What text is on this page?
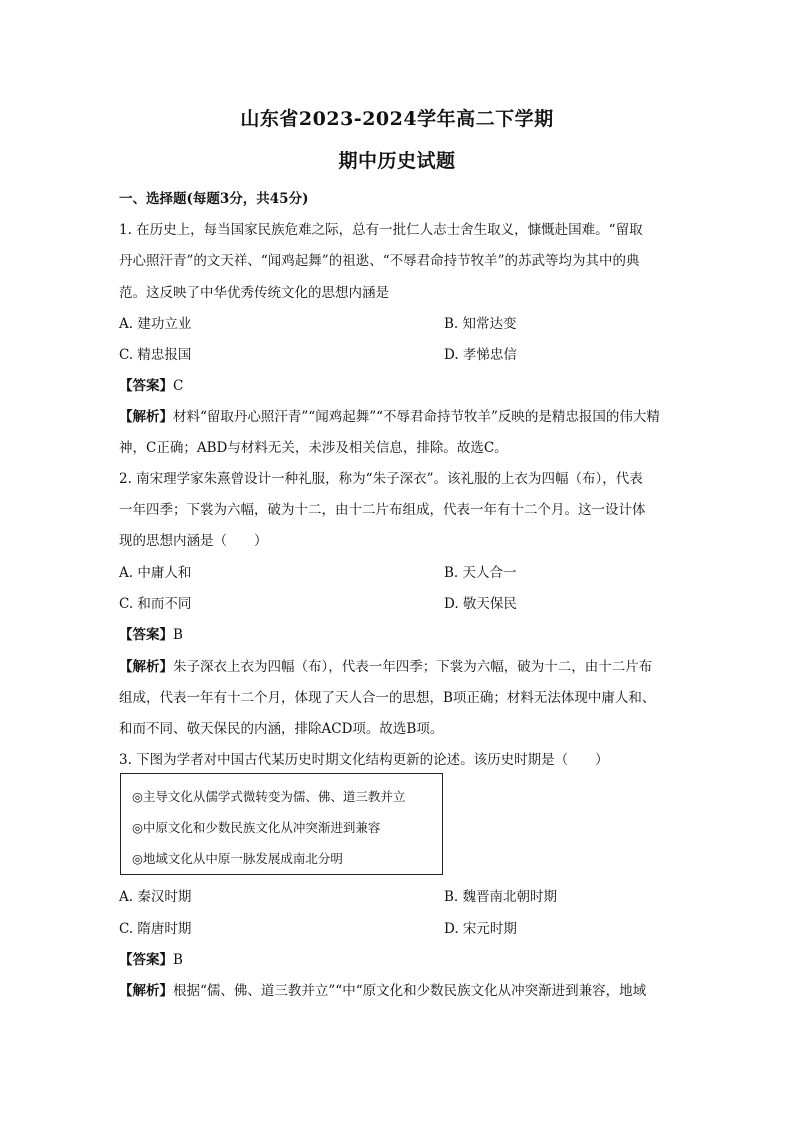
山东省2023-2024学年高二下学期
期中历史试题
一、选择题(每题3分，共45分)
1. 在历史上，每当国家民族危难之际，总有一批仁人志士舍生取义，慷慨赴国难。“留取
丹心照汗青”的文天祥、“闻鸡起舞”的祖逖、“不辱君命持节牧羊”的苏武等均为其中的典
范。这反映了中华优秀传统文化的思想内涵是
A. 建功立业	B. 知常达变
C. 精忠报国	D. 孝悌忠信
【答案】C
【解析】材料“留取丹心照汗青”“闻鸡起舞”“不辱君命持节牧羊”反映的是精忠报国的伟大精
神，C正确；ABD与材料无关，未涉及相关信息，排除。故选C。
2. 南宋理学家朱熹曾设计一种礼服，称为“朱子深衣”。该礼服的上衣为四幅（布），代表
一年四季；下裳为六幅，破为十二，由十二片布组成，代表一年有十二个月。这一设计体
现的思想内涵是（　　）
A. 中庸人和	B. 天人合一
C. 和而不同	D. 敬天保民
【答案】B
【解析】朱子深衣上衣为四幅（布），代表一年四季；下裳为六幅，破为十二，由十二片布
组成，代表一年有十二个月，体现了天人合一的思想，B项正确；材料无法体现中庸人和、
和而不同、敬天保民的内涵，排除ACD项。故选B项。
3. 下图为学者对中国古代某历史时期文化结构更新的论述。该历史时期是（　　）
◎主导文化从儒学式微转变为儒、佛、道三教并立
◎中原文化和少数民族文化从冲突渐进到兼容
◎地域文化从中原一脉发展成南北分明
A. 秦汉时期	B. 魏晋南北朝时期
C. 隋唐时期	D. 宋元时期
【答案】B
【解析】根据“儒、佛、道三教并立”“中“原文化和少数民族文化从冲突渐进到兼容，地域
